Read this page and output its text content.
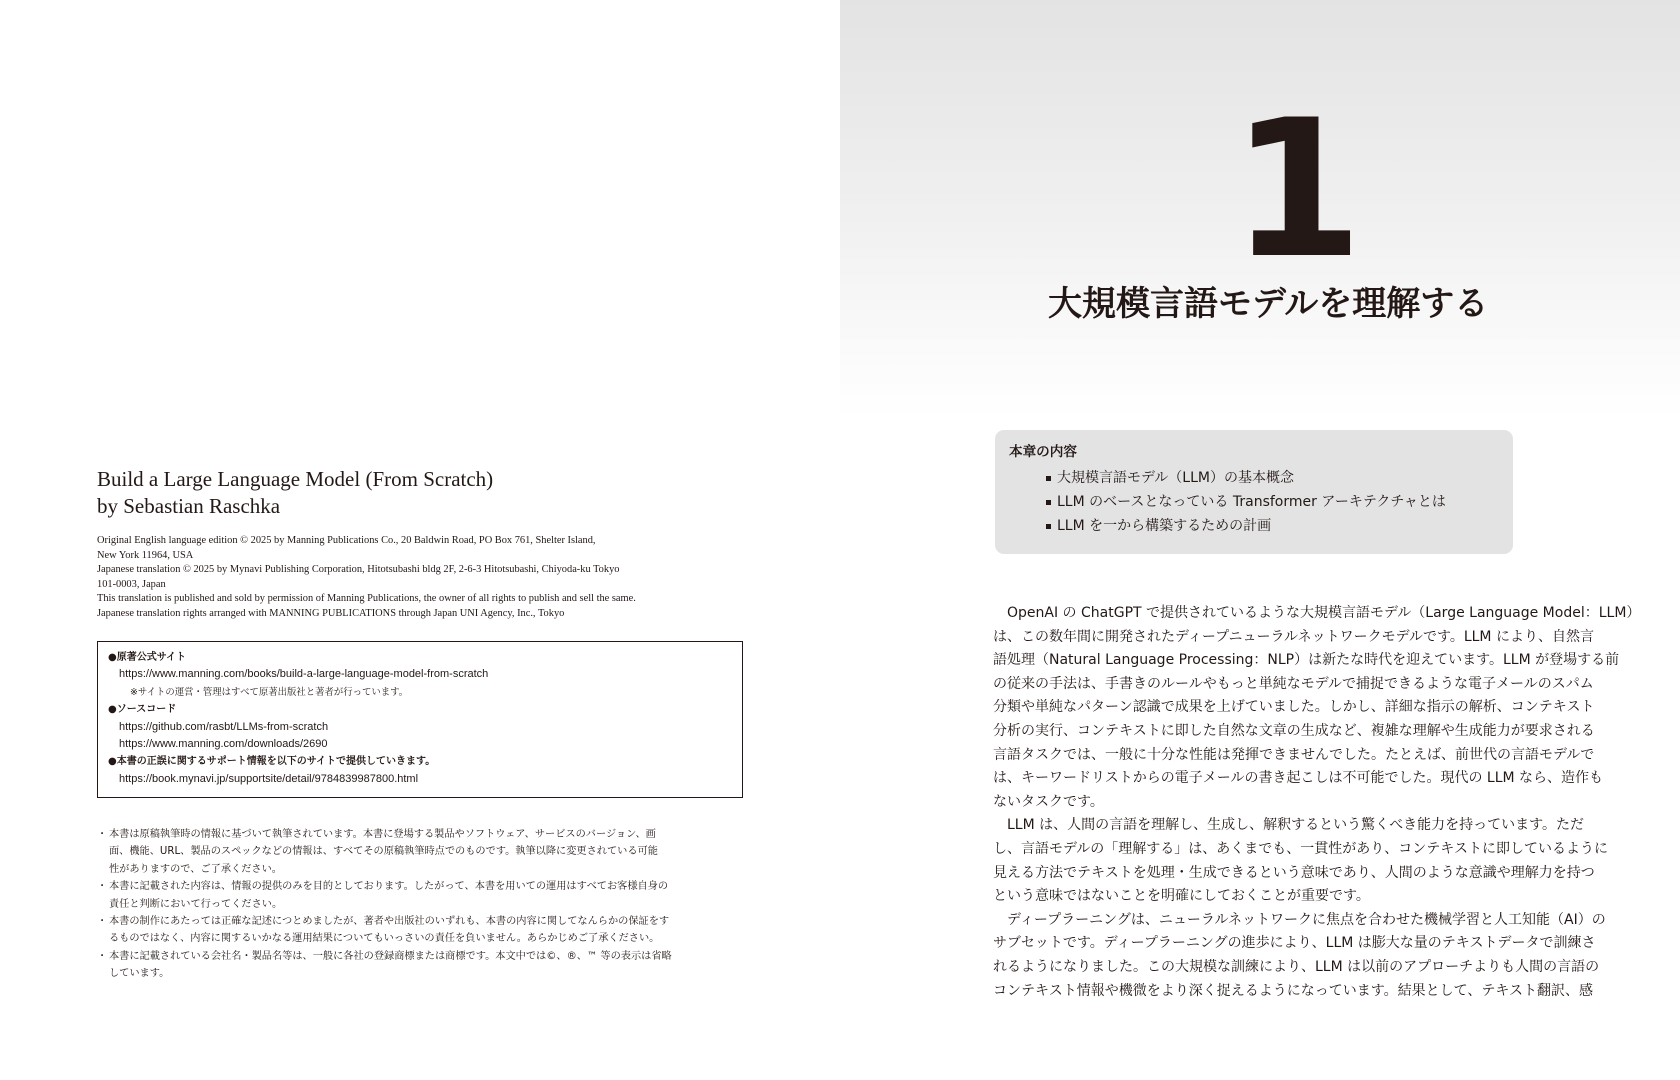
Build a Large Language Model (From Scratch)
by Sebastian Raschka
Original English language edition © 2025 by Manning Publications Co., 20 Baldwin Road, PO Box 761, Shelter Island,
New York 11964, USA
Japanese translation © 2025 by Mynavi Publishing Corporation, Hitotsubashi bldg 2F, 2-6-3 Hitotsubashi, Chiyoda-ku Tokyo
101-0003, Japan
This translation is published and sold by permission of Manning Publications, the owner of all rights to publish and sell the same.
Japanese translation rights arranged with MANNING PUBLICATIONS through Japan UNI Agency, Inc., Tokyo
●原著公式サイト
https://www.manning.com/books/build-a-large-language-model-from-scratch
※サイトの運営・管理はすべて原著出版社と著者が行っています。
●ソースコード
https://github.com/rasbt/LLMs-from-scratch
https://www.manning.com/downloads/2690
●本書の正誤に関するサポート情報を以下のサイトで提供していきます。
https://book.mynavi.jp/supportsite/detail/9784839987800.html
・ 本書は原稿執筆時の情報に基づいて執筆されています。本書に登場する製品やソフトウェア、サービスのバージョン、画
面、機能、URL、製品のスペックなどの情報は、すべてその原稿執筆時点でのものです。執筆以降に変更されている可能
性がありますので、ご了承ください。
・ 本書に記載された内容は、情報の提供のみを目的としております。したがって、本書を用いての運用はすべてお客様自身の
責任と判断において行ってください。
・ 本書の制作にあたっては正確な記述につとめましたが、著者や出版社のいずれも、本書の内容に関してなんらかの保証をす
るものではなく、内容に関するいかなる運用結果についてもいっさいの責任を負いません。あらかじめご了承ください。
・ 本書に記載されている会社名・製品名等は、一般に各社の登録商標または商標です。本文中では©、®、™ 等の表示は省略
しています。
1
大規模言語モデルを理解する
本章の内容
大規模言語モデル（LLM）の基本概念
LLM のベースとなっている Transformer アーキテクチャとは
LLM を一から構築するための計画
　OpenAI の ChatGPT で提供されているような大規模言語モデル（Large Language Model：LLM）
は、この数年間に開発されたディープニューラルネットワークモデルです。LLM により、自然言
語処理（Natural Language Processing：NLP）は新たな時代を迎えています。LLM が登場する前
の従来の手法は、手書きのルールやもっと単純なモデルで捕捉できるような電子メールのスパム
分類や単純なパターン認識で成果を上げていました。しかし、詳細な指示の解析、コンテキスト
分析の実行、コンテキストに即した自然な文章の生成など、複雑な理解や生成能力が要求される
言語タスクでは、一般に十分な性能は発揮できませんでした。たとえば、前世代の言語モデルで
は、キーワードリストからの電子メールの書き起こしは不可能でした。現代の LLM なら、造作も
ないタスクです。
　LLM は、人間の言語を理解し、生成し、解釈するという驚くべき能力を持っています。ただ
し、言語モデルの「理解する」は、あくまでも、一貫性があり、コンテキストに即しているように
見える方法でテキストを処理・生成できるという意味であり、人間のような意識や理解力を持つ
という意味ではないことを明確にしておくことが重要です。
　ディープラーニングは、ニューラルネットワークに焦点を合わせた機械学習と人工知能（AI）の
サブセットです。ディープラーニングの進歩により、LLM は膨大な量のテキストデータで訓練さ
れるようになりました。この大規模な訓練により、LLM は以前のアプローチよりも人間の言語の
コンテキスト情報や機微をより深く捉えるようになっています。結果として、テキスト翻訳、感
